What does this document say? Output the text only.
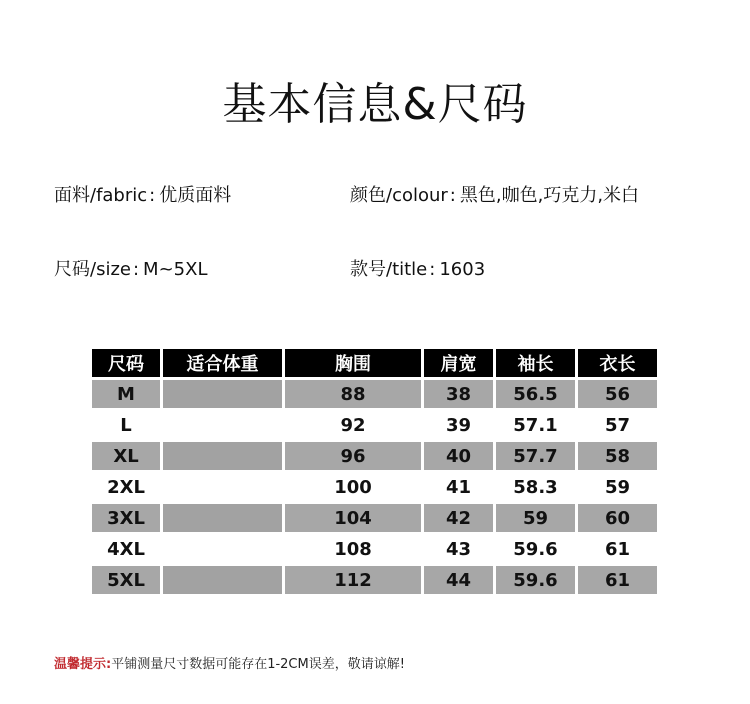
基本信息&尺码
面料/fabric : 优质面料	颜色/colour : 黑色,咖色,巧克力,米白
尺码/size : M~5XL	款号/title : 1603
尺码	适合体重	胸围	肩宽	袖长	衣长
M		88	38	56.5	56
L		92	39	57.1	57
XL		96	40	57.7	58
2XL		100	41	58.3	59
3XL		104	42	59	60
4XL		108	43	59.6	61
5XL		112	44	59.6	61
温馨提示:平铺测量尺寸数据可能存在1-2CM误差，敬请谅解!
